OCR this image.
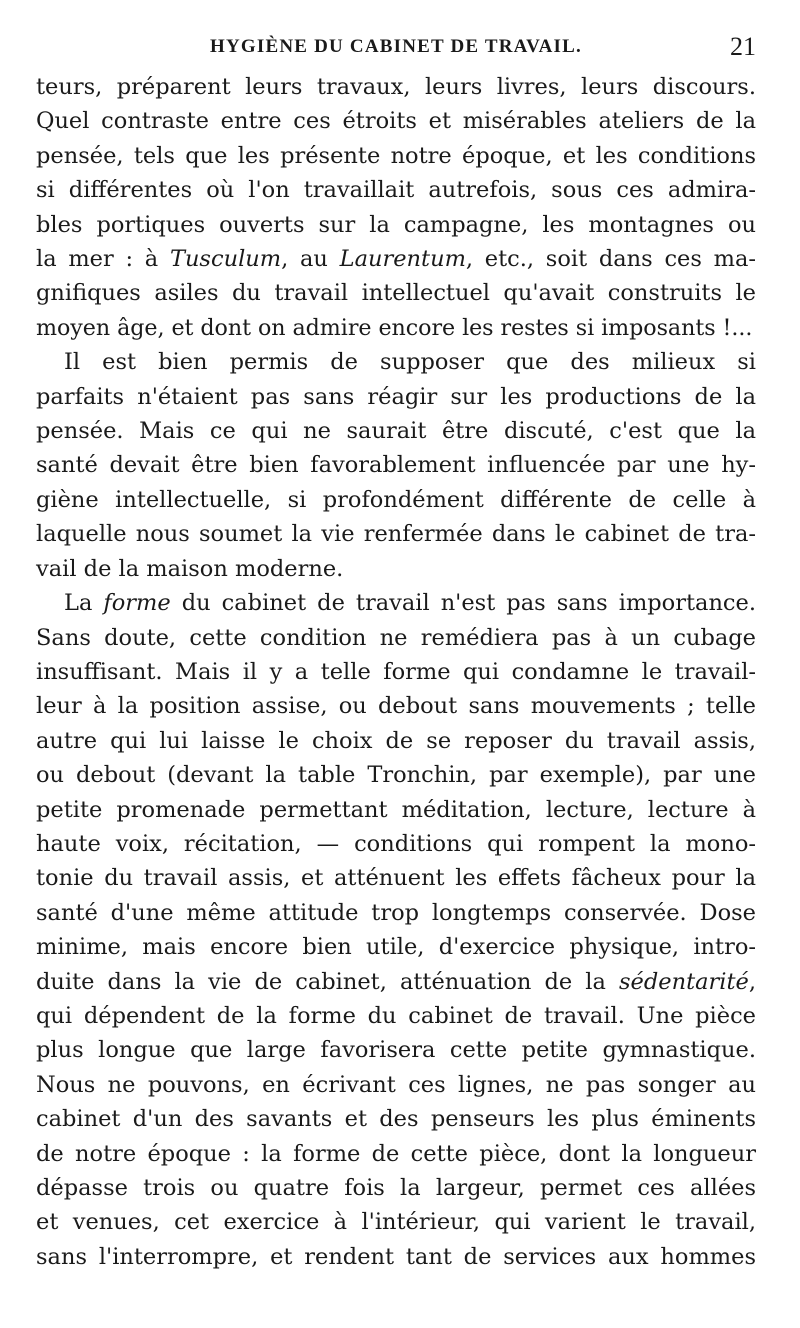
HYGIÈNE DU CABINET DE TRAVAIL.	21
teurs, préparent leurs travaux, leurs livres, leurs discours.
Quel contraste entre ces étroits et misérables ateliers de la
pensée, tels que les présente notre époque, et les conditions
si différentes où l'on travaillait autrefois, sous ces admira-
bles portiques ouverts sur la campagne, les montagnes ou
la mer : à Tusculum, au Laurentum, etc., soit dans ces ma-
gnifiques asiles du travail intellectuel qu'avait construits le
moyen âge, et dont on admire encore les restes si imposants !...
Il est bien permis de supposer que des milieux si
parfaits n'étaient pas sans réagir sur les productions de la
pensée. Mais ce qui ne saurait être discuté, c'est que la
santé devait être bien favorablement influencée par une hy-
giène intellectuelle, si profondément différente de celle à
laquelle nous soumet la vie renfermée dans le cabinet de tra-
vail de la maison moderne.
La forme du cabinet de travail n'est pas sans importance.
Sans doute, cette condition ne remédiera pas à un cubage
insuffisant. Mais il y a telle forme qui condamne le travail-
leur à la position assise, ou debout sans mouvements ; telle
autre qui lui laisse le choix de se reposer du travail assis,
ou debout (devant la table Tronchin, par exemple), par une
petite promenade permettant méditation, lecture, lecture à
haute voix, récitation, — conditions qui rompent la mono-
tonie du travail assis, et atténuent les effets fâcheux pour la
santé d'une même attitude trop longtemps conservée. Dose
minime, mais encore bien utile, d'exercice physique, intro-
duite dans la vie de cabinet, atténuation de la sédentarité,
qui dépendent de la forme du cabinet de travail. Une pièce
plus longue que large favorisera cette petite gymnastique.
Nous ne pouvons, en écrivant ces lignes, ne pas songer au
cabinet d'un des savants et des penseurs les plus éminents
de notre époque : la forme de cette pièce, dont la longueur
dépasse trois ou quatre fois la largeur, permet ces allées
et venues, cet exercice à l'intérieur, qui varient le travail,
sans l'interrompre, et rendent tant de services aux hommes
